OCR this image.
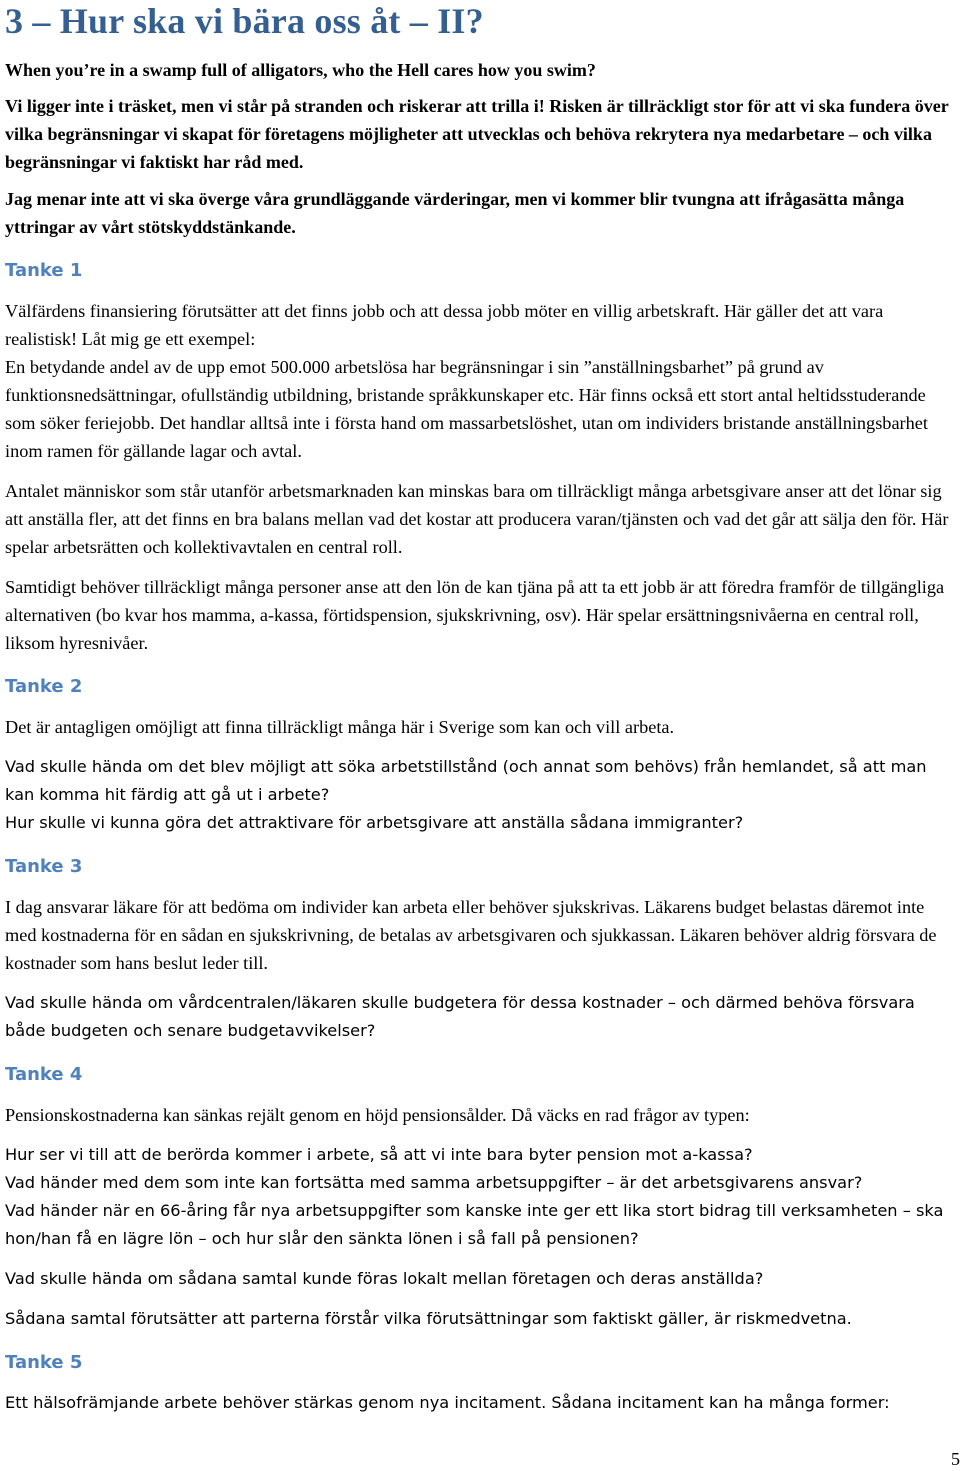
3 – Hur ska vi bära oss åt – II?

When you’re in a swamp full of alligators, who the Hell cares how you swim?

Vi ligger inte i träsket, men vi står på stranden och riskerar att trilla i! Risken är tillräckligt stor för att vi ska fundera över vilka begränsningar vi skapat för företagens möjligheter att utvecklas och behöva rekrytera nya medarbetare – och vilka begränsningar vi faktiskt har råd med.

Jag menar inte att vi ska överge våra grundläggande värderingar, men vi kommer blir tvungna att ifrågasätta många yttringar av vårt stötskyddstänkande.

Tanke 1

Välfärdens finansiering förutsätter att det finns jobb och att dessa jobb möter en villig arbetskraft. Här gäller det att vara realistisk! Låt mig ge ett exempel:

En betydande andel av de upp emot 500.000 arbetslösa har begränsningar i sin ”anställningsbarhet” på grund av funktionsnedsättningar, ofullständig utbildning, bristande språkkunskaper etc. Här finns också ett stort antal heltidsstuderande som söker feriejobb. Det handlar alltså inte i första hand om massarbetslöshet, utan om individers bristande anställningsbarhet inom ramen för gällande lagar och avtal.

Antalet människor som står utanför arbetsmarknaden kan minskas bara om tillräckligt många arbetsgivare anser att det lönar sig att anställa fler, att det finns en bra balans mellan vad det kostar att producera varan/tjänsten och vad det går att sälja den för. Här spelar arbetsrätten och kollektivavtalen en central roll.

Samtidigt behöver tillräckligt många personer anse att den lön de kan tjäna på att ta ett jobb är att föredra framför de tillgängliga alternativen (bo kvar hos mamma, a-kassa, förtidspension, sjukskrivning, osv). Här spelar ersättningsnivåerna en central roll, liksom hyresnivåer.

Tanke 2

Det är antagligen omöjligt att finna tillräckligt många här i Sverige som kan och vill arbeta.

Vad skulle hända om det blev möjligt att söka arbetstillstånd (och annat som behövs) från hemlandet, så att man kan komma hit färdig att gå ut i arbete?

Hur skulle vi kunna göra det attraktivare för arbetsgivare att anställa sådana immigranter?

Tanke 3

I dag ansvarar läkare för att bedöma om individer kan arbeta eller behöver sjukskrivas. Läkarens budget belastas däremot inte med kostnaderna för en sådan en sjukskrivning, de betalas av arbetsgivaren och sjukkassan. Läkaren behöver aldrig försvara de kostnader som hans beslut leder till.

Vad skulle hända om vårdcentralen/läkaren skulle budgetera för dessa kostnader – och därmed behöva försvara både budgeten och senare budgetavvikelser?

Tanke 4

Pensionskostnaderna kan sänkas rejält genom en höjd pensionsålder. Då väcks en rad frågor av typen:

Hur ser vi till att de berörda kommer i arbete, så att vi inte bara byter pension mot a-kassa?

Vad händer med dem som inte kan fortsätta med samma arbetsuppgifter – är det arbetsgivarens ansvar?

Vad händer när en 66-åring får nya arbetsuppgifter som kanske inte ger ett lika stort bidrag till verksamheten – ska hon/han få en lägre lön – och hur slår den sänkta lönen i så fall på pensionen?

Vad skulle hända om sådana samtal kunde föras lokalt mellan företagen och deras anställda?

Sådana samtal förutsätter att parterna förstår vilka förutsättningar som faktiskt gäller, är riskmedvetna.

Tanke 5

Ett hälsofrämjande arbete behöver stärkas genom nya incitament. Sådana incitament kan ha många former:

5
